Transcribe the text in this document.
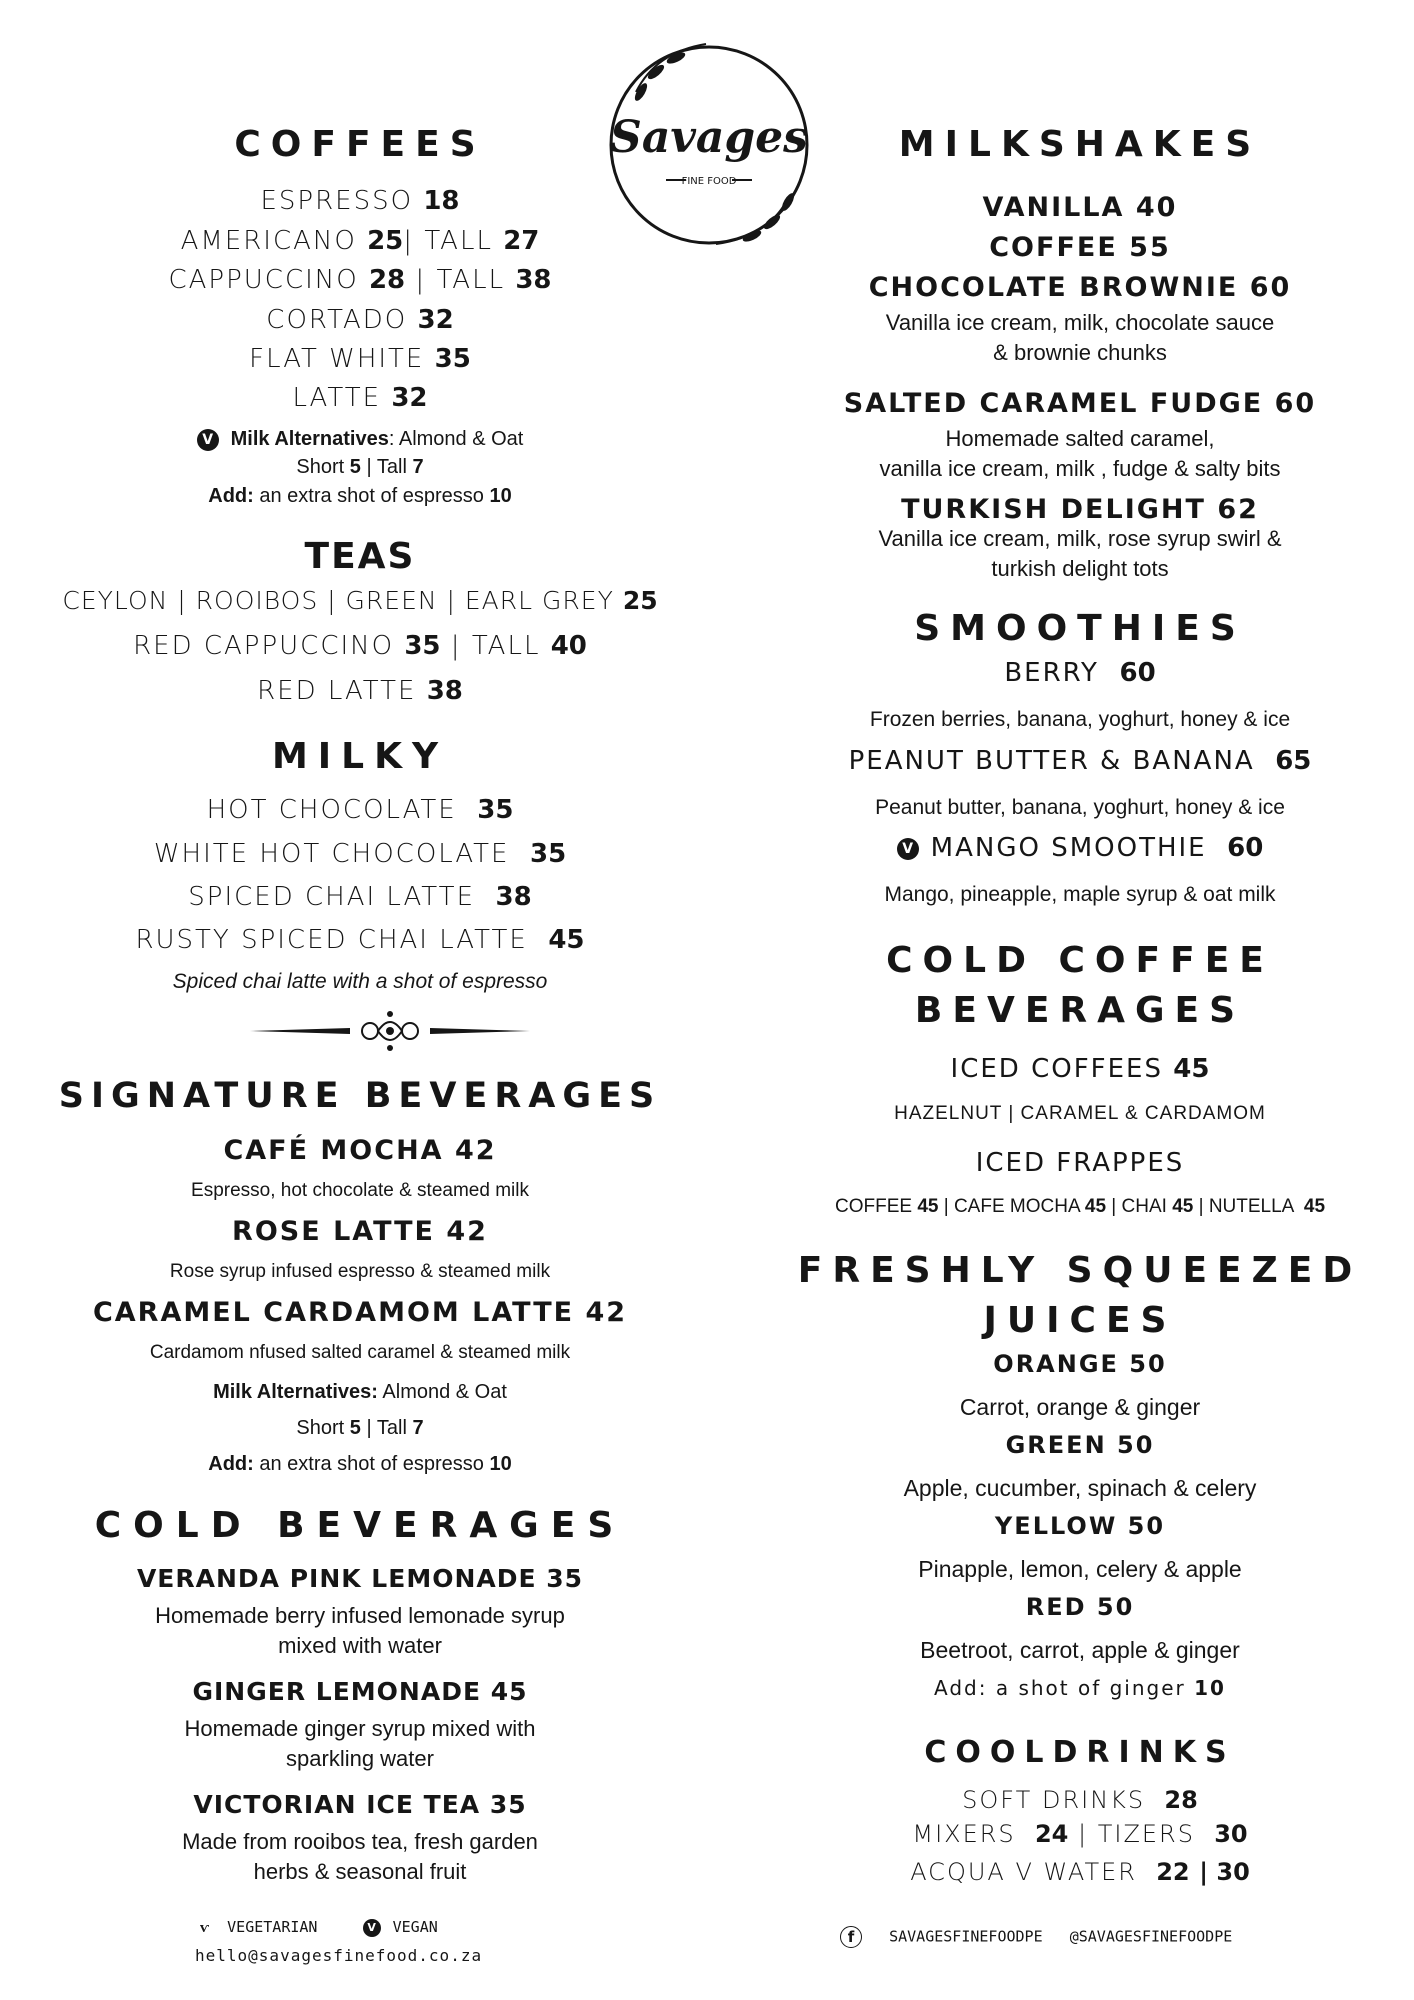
Savages
FINE FOOD
COFFEES
ESPRESSO 18
AMERICANO 25| TALL 27
CAPPUCCINO 28 | TALL 38
CORTADO 32
FLAT WHITE 35
LATTE 32
V Milk Alternatives: Almond & Oat
Short 5 | Tall 7
Add: an extra shot of espresso 10
TEAS
CEYLON | ROOIBOS | GREEN | EARL GREY 25
RED CAPPUCCINO 35 | TALL 40
RED LATTE 38
MILKY
HOT CHOCOLATE 35
WHITE HOT CHOCOLATE 35
SPICED CHAI LATTE 38
RUSTY SPICED CHAI LATTE 45
Spiced chai latte with a shot of espresso
SIGNATURE BEVERAGES
CAFÉ MOCHA 42
Espresso, hot chocolate & steamed milk
ROSE LATTE 42
Rose syrup infused espresso & steamed milk
CARAMEL CARDAMOM LATTE 42
Cardamom nfused salted caramel & steamed milk
Milk Alternatives: Almond & Oat
Short 5 | Tall 7
Add: an extra shot of espresso 10
COLD BEVERAGES
VERANDA PINK LEMONADE 35
Homemade berry infused lemonade syrup
mixed with water
GINGER LEMONADE 45
Homemade ginger syrup mixed with
sparkling water
VICTORIAN ICE TEA 35
Made from rooibos tea, fresh garden
herbs & seasonal fruit
ѵ VEGETARIAN	V VEGAN
hello@savagesfinefood.co.za
MILKSHAKES
VANILLA 40
COFFEE 55
CHOCOLATE BROWNIE 60
Vanilla ice cream, milk, chocolate sauce
& brownie chunks
SALTED CARAMEL FUDGE 60
Homemade salted caramel,
vanilla ice cream, milk , fudge & salty bits
TURKISH DELIGHT 62
Vanilla ice cream, milk, rose syrup swirl &
turkish delight tots
SMOOTHIES
BERRY 60
Frozen berries, banana, yoghurt, honey & ice
PEANUT BUTTER & BANANA 65
Peanut butter, banana, yoghurt, honey & ice
V MANGO SMOOTHIE 60
Mango, pineapple, maple syrup & oat milk
COLD COFFEE
BEVERAGES
ICED COFFEES 45
HAZELNUT | CARAMEL & CARDAMOM
ICED FRAPPES
COFFEE 45 | CAFE MOCHA 45 | CHAI 45 | NUTELLA 45
FRESHLY SQUEEZED
JUICES
ORANGE 50
Carrot, orange & ginger
GREEN 50
Apple, cucumber, spinach & celery
YELLOW 50
Pinapple, lemon, celery & apple
RED 50
Beetroot, carrot, apple & ginger
Add: a shot of ginger 10
COOLDRINKS
SOFT DRINKS 28
MIXERS 24 | TIZERS 30
ACQUA V WATER 22 | 30
f SAVAGESFINEFOODPE @SAVAGESFINEFOODPE
